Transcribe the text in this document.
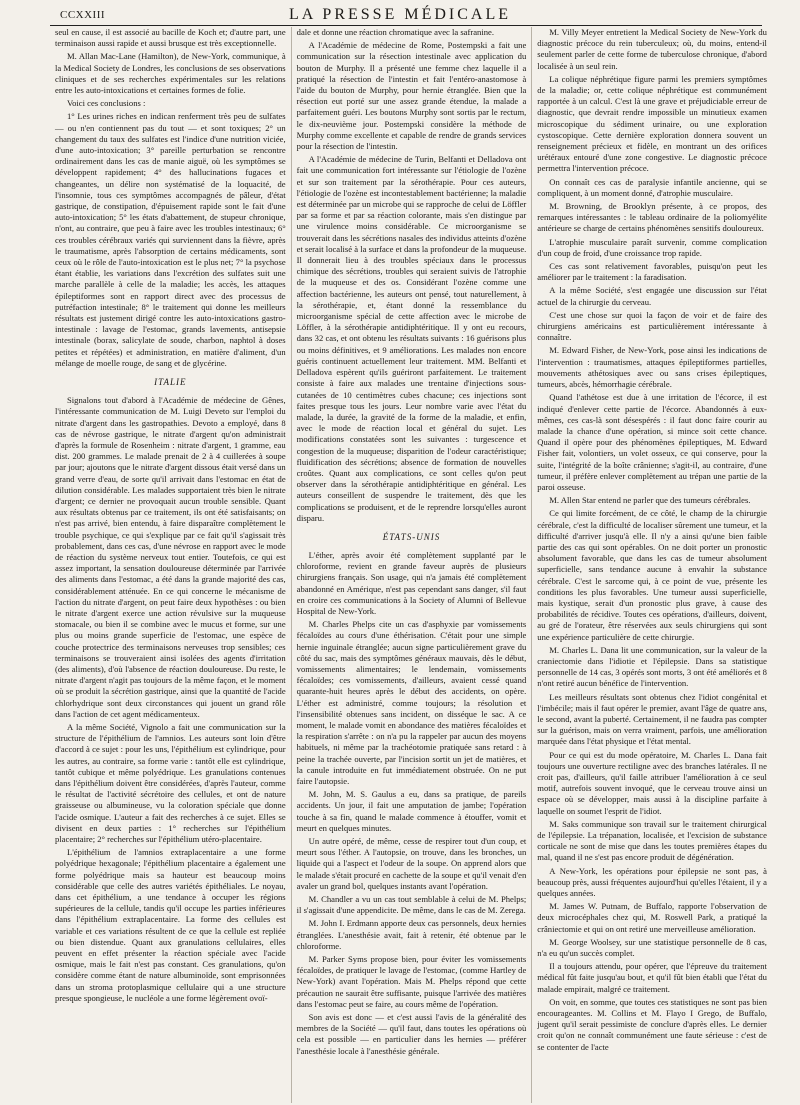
CCXXIII	LA PRESSE MÉDICALE

seul en cause, il est associé au bacille de Koch et; d'autre part, une terminaison aussi rapide et aussi brusque est très exceptionnelle.

M. Allan Mac-Lane (Hamilton), de New-York, communique, à la Medical Society de Londres, les conclusions de ses observations cliniques et de ses recherches expérimentales sur les relations entre les auto-intoxications et certaines formes de folie.

Voici ces conclusions :

1° Les urines riches en indican renferment très peu de sulfates — ou n'en contiennent pas du tout — et sont toxiques; 2° un changement du taux des sulfates est l'indice d'une nutrition viciée, d'une auto-intoxication; 3° pareille perturbation se rencontre ordinairement dans les cas de manie aiguë, où les symptômes se développent rapidement; 4° des hallucinations fugaces et changeantes, un délire non systématisé de la loquacité, de l'insomnie, tous ces symptômes accompagnés de pâleur, d'état gastrique, de constipation, d'épuisement rapide sont le fait d'une auto-intoxication; 5° les états d'abattement, de stupeur chronique, n'ont, au contraire, que peu à faire avec les troubles intestinaux; 6° ces troubles cérébraux variés qui surviennent dans la fièvre, après le traumatisme, après l'absorption de certains médicaments, sont ceux où le rôle de l'auto-intoxication est le plus net; 7° la psychose étant établie, les variations dans l'excrétion des sulfates suit une marche parallèle à celle de la maladie; les accès, les attaques épileptiformes sont en rapport direct avec des processus de putréfaction intestinale; 8° le traitement qui donne les meilleurs résultats est justement dirigé contre les auto-intoxications gastro-intestinale : lavage de l'estomac, grands lavements, antisepsie intestinale (borax, salicylate de soude, charbon, naphtol à doses petites et répétées) et administration, en matière d'aliment, d'un mélange de moelle rouge, de sang et de glycérine.

ITALIE

Signalons tout d'abord à l'Académie de médecine de Gênes, l'intéressante communication de M. Luigi Deveto sur l'emploi du nitrate d'argent dans les gastropathies. Devoto a employé, dans 8 cas de névrose gastrique, le nitrate d'argent qu'on administrait d'après la formule de Rosenheim : nitrate d'argent, 1 gramme, eau dist. 200 grammes. Le malade prenait de 2 à 4 cuillerées à soupe par jour; ajoutons que le nitrate d'argent dissous était versé dans un grand verre d'eau, de sorte qu'il arrivait dans l'estomac en état de dilution considérable. Les malades supportaient très bien le nitrate d'argent; ce dernier ne provoquait aucun trouble sensible. Quant aux résultats obtenus par ce traitement, ils ont été satisfaisants; on n'est pas arrivé, bien entendu, à faire disparaître complètement le trouble psychique, ce qui s'explique par ce fait qu'il s'agissait très probablement, dans ces cas, d'une névrose en rapport avec le mode de réaction du système nerveux tout entier. Toutefois, ce qui est assez important, la sensation douloureuse déterminée par l'arrivée des aliments dans l'estomac, a été dans la grande majorité des cas, considérablement atténuée. En ce qui concerne le mécanisme de l'action du nitrate d'argent, on peut faire deux hypothèses : ou bien le nitrate d'argent exerce une action révulsive sur la muqueuse stomacale, ou bien il se combine avec le mucus et forme, sur une plus ou moins grande superficie de l'estomac, une espèce de couche protectrice des terminaisons nerveuses trop sensibles; ces terminaisons se trouveraient ainsi isolées des agents d'irritation (des aliments), d'où l'absence de réaction douloureuse. Du reste, le nitrate d'argent n'agit pas toujours de la même façon, et le moment où se produit la sécrétion gastrique, ainsi que la quantité de l'acide chlorhydrique sont deux circonstances qui jouent un grand rôle dans l'action de cet agent médicamenteux.

A la même Société, Vignolo a fait une communication sur la structure de l'épithélium de l'amnios. Les auteurs sont loin d'être d'accord à ce sujet : pour les uns, l'épithélium est cylindrique, pour les autres, au contraire, sa forme varie : tantôt elle est cylindrique, tantôt cubique et même polyédrique. Les granulations contenues dans l'épithélium doivent être considérées, d'après l'auteur, comme le résultat de l'activité sécrétoire des cellules, et ont de nature graisseuse ou albumineuse, vu la coloration spéciale que donne l'acide osmique. L'auteur a fait des recherches à ce sujet. Elles se divisent en deux parties : 1° recherches sur l'épithélium placentaire; 2° recherches sur l'épithélium utéro-placentaire.

L'épithélium de l'amnios extraplacentaire a une forme polyédrique hexagonale; l'épithélium placentaire a également une forme polyédrique mais sa hauteur est beaucoup moins considérable que celle des autres variétés épithéliales. Le noyau, dans cet épithélium, a une tendance à occuper les régions supérieures de la cellule, tandis qu'il occupe les parties inférieures dans l'épithélium extraplacentaire. La forme des cellules est variable et ces variations résultent de ce que la cellule est repliée ou bien distendue. Quant aux granulations cellulaires, elles peuvent en effet présenter la réaction spéciale avec l'acide osmique, mais le fait n'est pas constant. Ces granulations, qu'on considère comme étant de nature albuminoïde, sont emprisonnées dans un stroma protoplasmique cellulaire qui a une structure presque spongieuse, le nucléole a une forme légèrement ovoï-

dale et donne une réaction chromatique avec la safranine.

A l'Académie de médecine de Rome, Postempski a fait une communication sur la résection intestinale avec application du bouton de Murphy. Il a présenté une femme chez laquelle il a pratiqué la résection de l'intestin et fait l'entéro-anastomose à l'aide du bouton de Murphy, pour hernie étranglée. Bien que la résection eut porté sur une assez grande étendue, la malade a parfaitement guéri. Les boutons Murphy sont sortis par le rectum, le dix-neuvième jour. Postempski considère la méthode de Murphy comme excellente et capable de rendre de grands services pour la résection de l'intestin.

A l'Académie de médecine de Turin, Belfanti et Delladova ont fait une communication fort intéressante sur l'étiologie de l'ozène et sur son traitement par la sérothérapie. Pour ces auteurs, l'étiologie de l'ozène est incontestablement bactérienne; la maladie est déterminée par un microbe qui se rapproche de celui de Löffler par sa forme et par sa réaction colorante, mais s'en distingue par une virulence moins considérable. Ce microorganisme se trouverait dans les sécrétions nasales des individus atteints d'ozène et serait localisé à la surface et dans la profondeur de la muqueuse. Il donnerait lieu à des troubles spéciaux dans le processus chimique des sécrétions, troubles qui seraient suivis de l'atrophie de la muqueuse et des os. Considérant l'ozène comme une affection bactérienne, les auteurs ont pensé, tout naturellement, à la sérothérapie, et, étant donné la ressemblance du microorganisme spécial de cette affection avec le microbe de Löffler, à la sérothérapie antidiphtéritique. Il y ont eu recours, dans 32 cas, et ont obtenu les résultats suivants : 16 guérisons plus ou moins définitives, et 9 améliorations. Les malades non encore guéris continuent actuellement leur traitement. MM. Belfanti et Delladova espèrent qu'ils guériront parfaitement. Le traitement consiste à faire aux malades une trentaine d'injections sous-cutanées de 10 centimètres cubes chacune; ces injections sont faites presque tous les jours. Leur nombre varie avec l'état du malade, la durée, la gravité de la forme de la maladie, et enfin, avec le mode de réaction local et général du sujet. Les modifications constatées sont les suivantes : turgescence et congestion de la muqueuse; disparition de l'odeur caractéristique; fluidification des sécrétions; absence de formation de nouvelles croûtes. Quant aux complications, ce sont celles qu'on peut observer dans la sérothérapie antidiphtéritique en général. Les auteurs conseillent de suspendre le traitement, dès que les complications se produisent, et de le reprendre lorsqu'elles auront disparu.

ÉTATS-UNIS

L'éther, après avoir été complètement supplanté par le chloroforme, revient en grande faveur auprès de plusieurs chirurgiens français. Son usage, qui n'a jamais été complètement abandonné en Amérique, n'est pas cependant sans danger, s'il faut en croire ces communications à la Society of Alumni of Bellevue Hospital de New-York.

M. Charles Phelps cite un cas d'asphyxie par vomissements fécaloïdes au cours d'une éthérisation. C'était pour une simple hernie inguinale étranglée; aucun signe particulièrement grave du côté du sac, mais des symptômes généraux mauvais, dès le début, vomissements alimentaires; le lendemain, vomissements fécaloïdes; ces vomissements, d'ailleurs, avaient cessé quand quarante-huit heures après le début des accidents, on opère. L'éther est administré, comme toujours; la résolution et l'insensibilité obtenues sans incident, on disséque le sac. A ce moment, le malade vomit en abondance des matières fécaloïdes et la respiration s'arrête : on n'a pu la rappeler par aucun des moyens habituels, ni même par la trachéotomie pratiquée sans retard : à peine la trachée ouverte, par l'incision sortit un jet de matières, et la canule introduite en fut immédiatement obstruée. On ne put faire l'autopsie.

M. John, M. S. Gaulus a eu, dans sa pratique, de pareils accidents. Un jour, il fait une amputation de jambe; l'opération touche à sa fin, quand le malade commence à étouffer, vomit et meurt en quelques minutes.

Un autre opéré, de même, cesse de respirer tout d'un coup, et meurt sous l'éther. A l'autopsie, on trouve, dans les bronches, un liquide qui a l'aspect et l'odeur de la soupe. On apprend alors que le malade s'était procuré en cachette de la soupe et qu'il venait d'en avaler un grand bol, quelques instants avant l'opération.

M. Chandler a vu un cas tout semblable à celui de M. Phelps; il s'agissait d'une appendicite. De même, dans le cas de M. Zerega.

M. John I. Erdmann apporte deux cas personnels, deux hernies étranglées. L'anesthésie avait, fait à retenir, été obtenue par le chloroforme.

M. Parker Syms propose bien, pour éviter les vomissements fécaloïdes, de pratiquer le lavage de l'estomac, (comme Hartley de New-York) avant l'opération. Mais M. Phelps répond que cette précaution ne saurait être suffisante, puisque l'arrivée des matières dans l'estomac peut se faire, au cours même de l'opération.

Son avis est donc — et c'est aussi l'avis de la généralité des membres de la Société — qu'il faut, dans toutes les opérations où cela est possible — en particulier dans les hernies — préférer l'anesthésie locale à l'anesthésie générale.

M. Villy Meyer entretient la Medical Society de New-York du diagnostic précoce du rein tuberculeux; où, du moins, entend-il seulement parler de cette forme de tuberculose chronique, d'abord localisée à un seul rein.

La colique néphrétique figure parmi les premiers symptômes de la maladie; or, cette colique néphrétique est communément rapportée à un calcul. C'est là une grave et préjudiciable erreur de diagnostic, que devrait rendre impossible un minutieux examen microscopique du sédiment urinaire, ou une exploration cystoscopique. Cette dernière exploration donnera souvent un renseignement précieux et fidèle, en montrant un des orifices urétéraux entouré d'une zone congestive. Le diagnostic précoce permettra l'intervention précoce.

On connaît ces cas de paralysie infantile ancienne, qui se compliquent, à un moment donné, d'atrophie musculaire.

M. Browning, de Brooklyn présente, à ce propos, des remarques intéressantes : le tableau ordinaire de la poliomyélite antérieure se charge de certains phénomènes sensitifs douloureux.

L'atrophie musculaire paraît survenir, comme complication d'un coup de froid, d'une croissance trop rapide.

Ces cas sont relativement favorables, puisqu'on peut les améliorer par le traitement : la faradisation.

A la même Société, s'est engagée une discussion sur l'état actuel de la chirurgie du cerveau.

C'est une chose sur quoi la façon de voir et de faire des chirurgiens américains est particulièrement intéressante à connaître.

M. Edward Fisher, de New-York, pose ainsi les indications de l'intervention : traumatismes, attaques épileptiformes partielles, mouvements athétosiques avec ou sans crises épileptiques, tumeurs, abcès, hémorrhagie cérébrale.

Quand l'athétose est due à une irritation de l'écorce, il est indiqué d'enlever cette partie de l'écorce. Abandonnés à eux-mêmes, ces cas-là sont désespérés : il faut donc faire courir au malade la chance d'une opération, si mince soit cette chance. Quand il opère pour des phénomènes épileptiques, M. Edward Fisher fait, volontiers, un volet osseux, ce qui conserve, pour la suite, l'intégrité de la boîte crânienne; s'agit-il, au contraire, d'une tumeur, il préfère enlever complètement au trépan une partie de la paroi osseuse.

M. Allen Star entend ne parler que des tumeurs cérébrales.

Ce qui limite forcément, de ce côté, le champ de la chirurgie cérébrale, c'est la difficulté de localiser sûrement une tumeur, et la difficulté d'arriver jusqu'à elle. Il n'y a ainsi qu'une bien faible partie des cas qui sont opérables. On ne doit porter un pronostic absolument favorable, que dans les cas de tumeur absolument superficielle, sans tendance aucune à envahir la substance cérébrale. C'est le sarcome qui, à ce point de vue, présente les conditions les plus favorables. Une tumeur aussi superficielle, mais kystique, serait d'un pronostic plus grave, à cause des probabilités de récidive. Toutes ces opérations, d'ailleurs, doivent, au gré de l'orateur, être réservées aux seuls chirurgiens qui sont une expérience particulière de cette chirurgie.

M. Charles L. Dana lit une communication, sur la valeur de la craniectomie dans l'idiotie et l'épilepsie. Dans sa statistique personnelle de 14 cas, 3 opérés sont morts, 3 ont été améliorés et 8 n'ont retiré aucun bénéfice de l'intervention.

Les meilleurs résultats sont obtenus chez l'idiot congénital et l'imbécile; mais il faut opérer le premier, avant l'âge de quatre ans, le second, avant la puberté. Certainement, il ne faudra pas compter sur la guérison, mais on verra vraiment, parfois, une amélioration marquée dans l'état physique et l'état mental.

Pour ce qui est du mode opératoire, M. Charles L. Dana fait toujours une ouverture rectiligne avec des branches latérales. Il ne croit pas, d'ailleurs, qu'il faille attribuer l'amélioration à ce seul motif, autrefois souvent invoqué, que le cerveau trouve ainsi un espace où se développer, mais aussi à la discipline parfaite à laquelle on soumet l'esprit de l'idiot.

M. Saks communique son travail sur le traitement chirurgical de l'épilepsie. La trépanation, localisée, et l'excision de substance corticale ne sont de mise que dans les toutes premières étapes du mal, quand il ne s'est pas encore produit de dégénération.

A New-York, les opérations pour épilepsie ne sont pas, à beaucoup près, aussi fréquentes aujourd'hui qu'elles l'étaient, il y a quelques années.

M. James W. Putnam, de Buffalo, rapporte l'observation de deux microcéphales chez qui, M. Roswell Park, a pratiqué la crâniectomie et qui on ont retiré une merveilleuse amélioration.

M. George Woolsey, sur une statistique personnelle de 8 cas, n'a eu qu'un succès complet.

Il a toujours attendu, pour opérer, que l'épreuve du traitement médical fût faite jusqu'au bout, et qu'il fût bien établi que l'état du malade empirait, malgré ce traitement.

On voit, en somme, que toutes ces statistiques ne sont pas bien encourageantes. M. Collins et M. Flayo I Grego, de Buffalo, jugent qu'il serait pessimiste de conclure d'après elles. Le dernier croit qu'on ne connaît communément une faute sérieuse : c'est de se contenter de l'acte
